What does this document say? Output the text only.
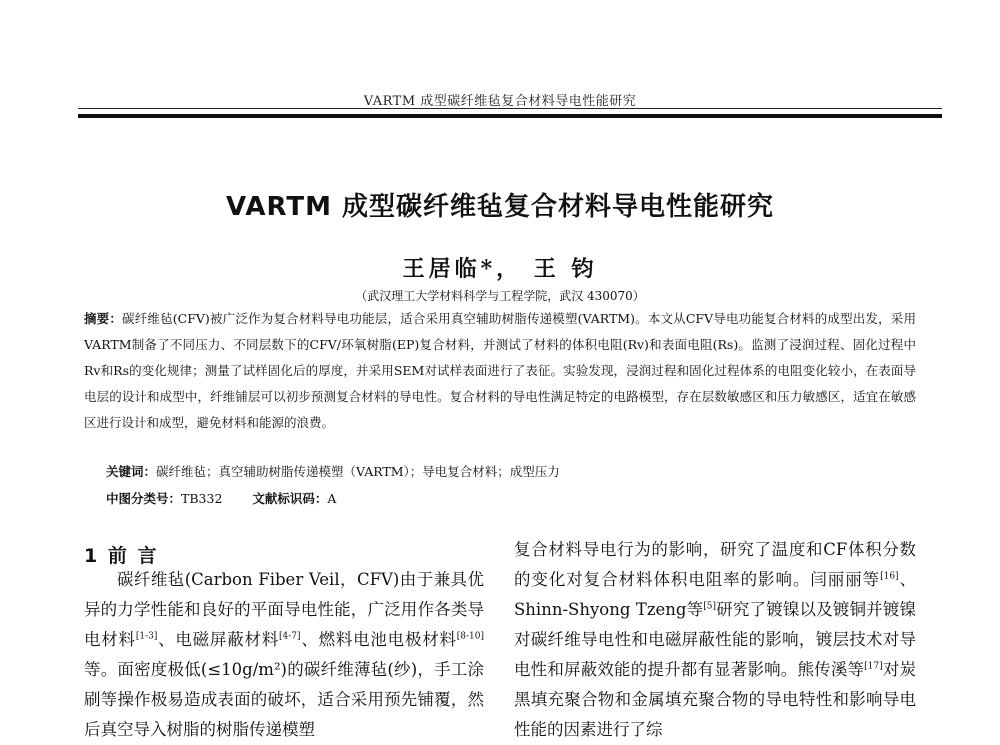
VARTM 成型碳纤维毡复合材料导电性能研究
VARTM 成型碳纤维毡复合材料导电性能研究
王居临*， 王 钧
（武汉理工大学材料科学与工程学院，武汉 430070）
摘要：碳纤维毡(CFV)被广泛作为复合材料导电功能层，适合采用真空辅助树脂传递模塑(VARTM)。本文从CFV导电功能复合材料的成型出发，采用VARTM制备了不同压力、不同层数下的CFV/环氧树脂(EP)复合材料，并测试了材料的体积电阻(Rv)和表面电阻(Rs)。监测了浸润过程、固化过程中Rv和Rs的变化规律；测量了试样固化后的厚度，并采用SEM对试样表面进行了表征。实验发现，浸润过程和固化过程体系的电阻变化较小，在表面导电层的设计和成型中，纤维铺层可以初步预测复合材料的导电性。复合材料的导电性满足特定的电路模型，存在层数敏感区和压力敏感区，适宜在敏感区进行设计和成型，避免材料和能源的浪费。
关键词：碳纤维毡；真空辅助树脂传递模塑（VARTM）；导电复合材料；成型压力
中图分类号：TB332 文献标识码：A
1 前 言
碳纤维毡(Carbon Fiber Veil，CFV)由于兼具优异的力学性能和良好的平面导电性能，广泛用作各类导电材料[1-3]、电磁屏蔽材料[4-7]、燃料电池电极材料[8-10]等。面密度极低(≤10g/m²)的碳纤维薄毡(纱)，手工涂刷等操作极易造成表面的破坏，适合采用预先铺覆，然后真空导入树脂的树脂传递模塑
复合材料导电行为的影响，研究了温度和CF体积分数的变化对复合材料体积电阻率的影响。闫丽丽等[16]、Shinn-Shyong Tzeng等[5]研究了镀镍以及镀铜并镀镍对碳纤维导电性和电磁屏蔽性能的影响，镀层技术对导电性和屏蔽效能的提升都有显著影响。熊传溪等[17]对炭黑填充聚合物和金属填充聚合物的导电特性和影响导电性能的因素进行了综
